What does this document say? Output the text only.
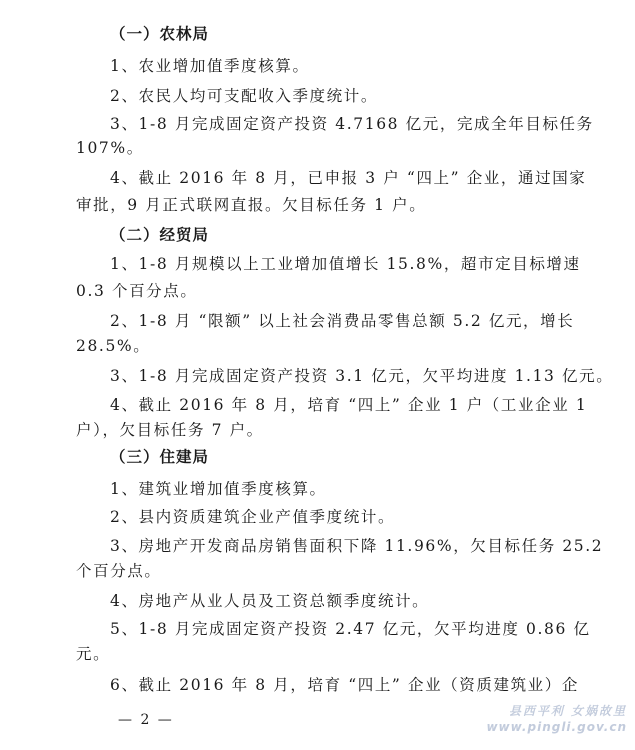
（一）农林局
1、农业增加值季度核算。
2、农民人均可支配收入季度统计。
3、1-8 月完成固定资产投资 4.7168 亿元，完成全年目标任务
107%。
4、截止 2016 年 8 月，已申报 3 户 “四上” 企业，通过国家
审批，9 月正式联网直报。欠目标任务 1 户。
（二）经贸局
1、1-8 月规模以上工业增加值增长 15.8%，超市定目标增速
0.3 个百分点。
2、1-8 月 “限额” 以上社会消费品零售总额 5.2 亿元，增长
28.5%。
3、1-8 月完成固定资产投资 3.1 亿元，欠平均进度 1.13 亿元。
4、截止 2016 年 8 月，培育 “四上” 企业 1 户（工业企业 1
户），欠目标任务 7 户。
（三）住建局
1、建筑业增加值季度核算。
2、县内资质建筑企业产值季度统计。
3、房地产开发商品房销售面积下降 11.96%，欠目标任务 25.2
个百分点。
4、房地产从业人员及工资总额季度统计。
5、1-8 月完成固定资产投资 2.47 亿元，欠平均进度 0.86 亿
元。
6、截止 2016 年 8 月，培育 “四上” 企业（资质建筑业）企
— 2 —
县西平利 女娲故里
www.pingli.gov.cn
